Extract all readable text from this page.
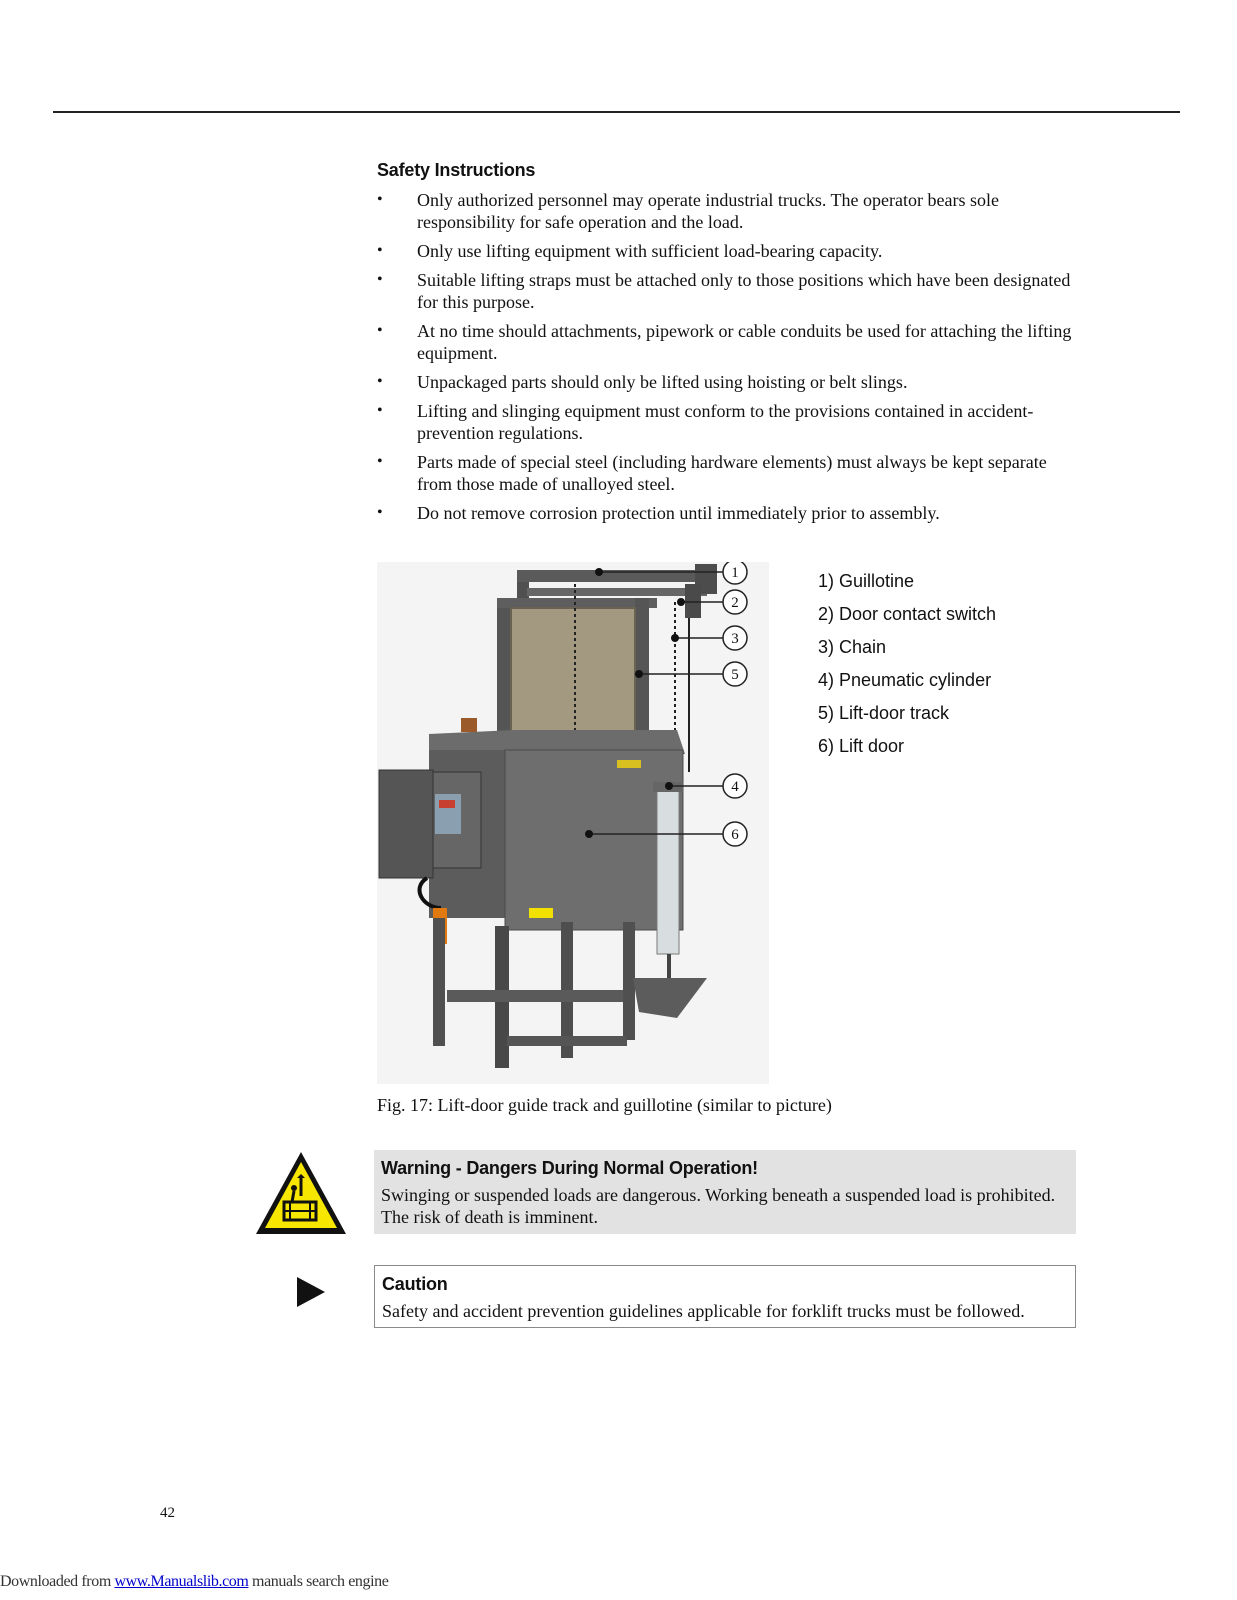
Safety Instructions
• Only authorized personnel may operate industrial trucks. The operator bears sole responsibility for safe operation and the load.
• Only use lifting equipment with sufficient load-bearing capacity.
• Suitable lifting straps must be attached only to those positions which have been designated for this purpose.
• At no time should attachments, pipework or cable conduits be used for attaching the lifting equipment.
• Unpackaged parts should only be lifted using hoisting or belt slings.
• Lifting and slinging equipment must conform to the provisions contained in accident-prevention regulations.
• Parts made of special steel (including hardware elements) must always be kept separate from those made of unalloyed steel.
• Do not remove corrosion protection until immediately prior to assembly.
1
2
3
5
4
6
1) Guillotine
2) Door contact switch
3) Chain
4) Pneumatic cylinder
5) Lift-door track
6) Lift door
Fig. 17: Lift-door guide track and guillotine (similar to picture)
Warning - Dangers During Normal Operation!
Swinging or suspended loads are dangerous. Working beneath a suspended load is prohibited. The risk of death is imminent.
Caution
Safety and accident prevention guidelines applicable for forklift trucks must be followed.
42
Downloaded from www.Manualslib.com manuals search engine
